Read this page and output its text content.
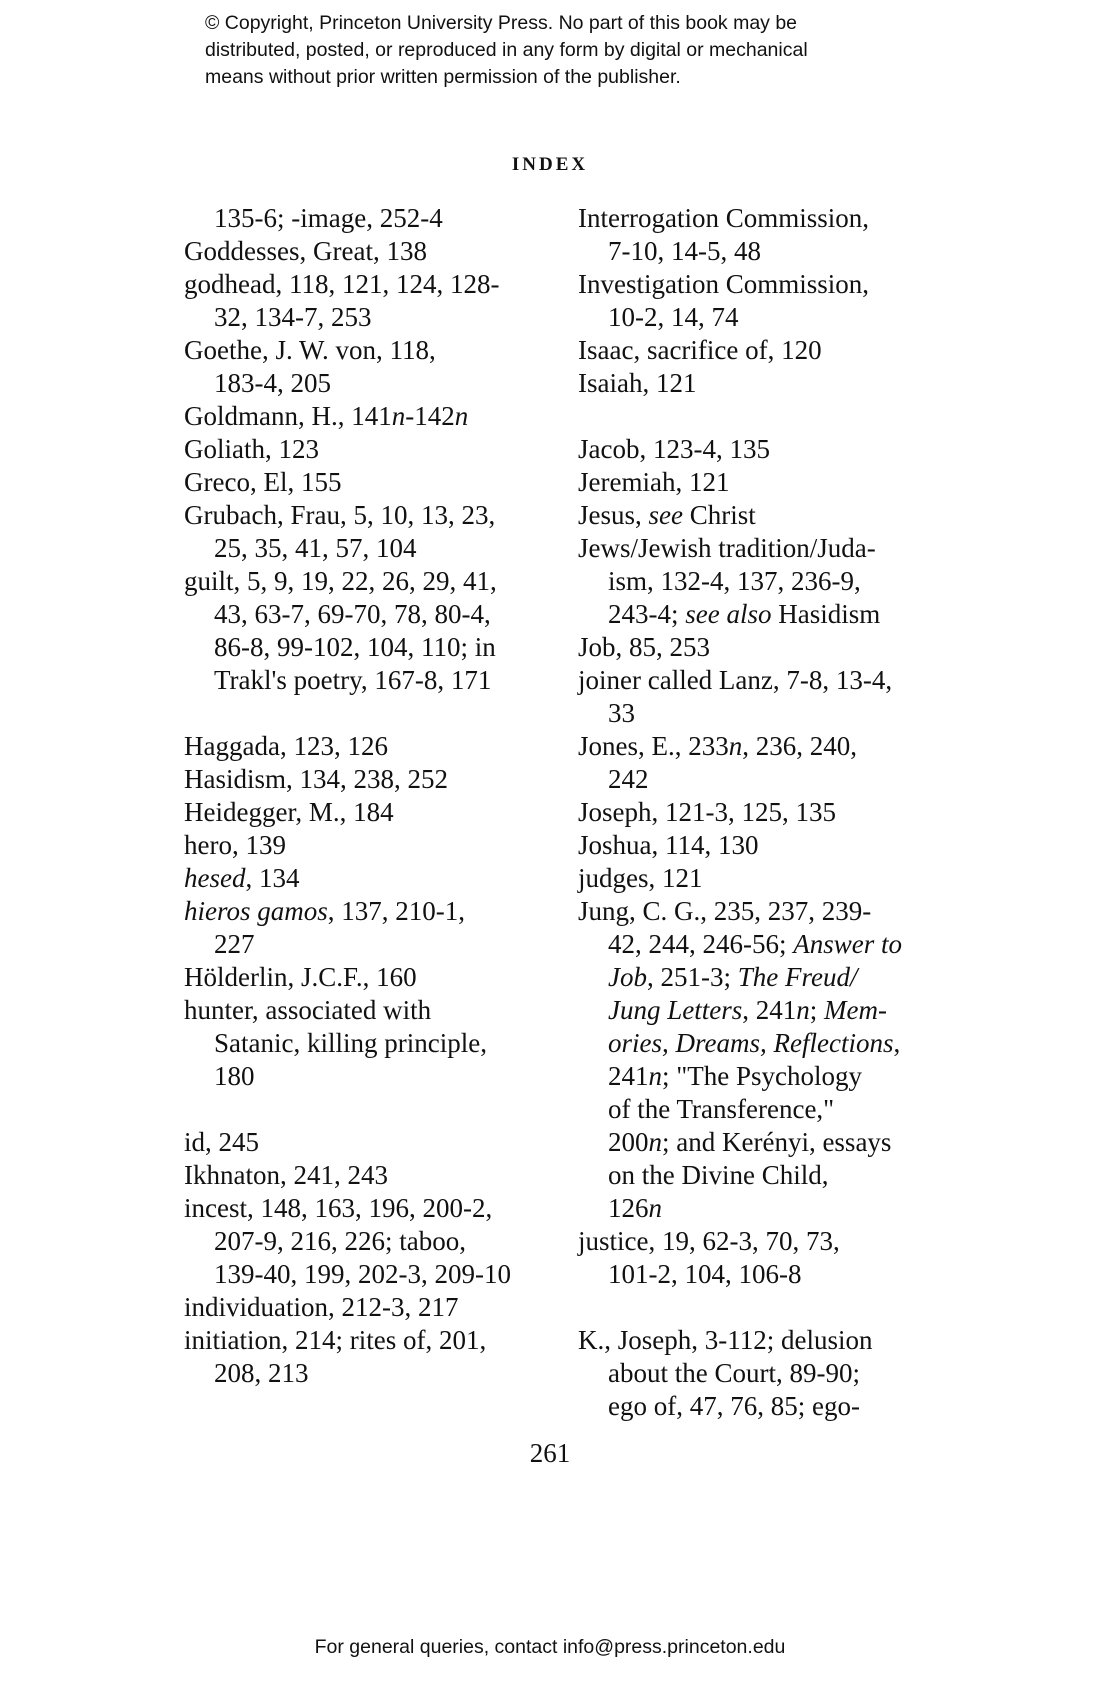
© Copyright, Princeton University Press. No part of this book may be
distributed, posted, or reproduced in any form by digital or mechanical
means without prior written permission of the publisher.
INDEX
135-6; -image, 252-4
Goddesses, Great, 138
godhead, 118, 121, 124, 128-
32, 134-7, 253
Goethe, J. W. von, 118,
183-4, 205
Goldmann, H., 141n-142n
Goliath, 123
Greco, El, 155
Grubach, Frau, 5, 10, 13, 23,
25, 35, 41, 57, 104
guilt, 5, 9, 19, 22, 26, 29, 41,
43, 63-7, 69-70, 78, 80-4,
86-8, 99-102, 104, 110; in
Trakl's poetry, 167-8, 171
Haggada, 123, 126
Hasidism, 134, 238, 252
Heidegger, M., 184
hero, 139
hesed, 134
hieros gamos, 137, 210-1,
227
Hölderlin, J.C.F., 160
hunter, associated with
Satanic, killing principle,
180
id, 245
Ikhnaton, 241, 243
incest, 148, 163, 196, 200-2,
207-9, 216, 226; taboo,
139-40, 199, 202-3, 209-10
individuation, 212-3, 217
initiation, 214; rites of, 201,
208, 213
Interrogation Commission,
7-10, 14-5, 48
Investigation Commission,
10-2, 14, 74
Isaac, sacrifice of, 120
Isaiah, 121
Jacob, 123-4, 135
Jeremiah, 121
Jesus, see Christ
Jews/Jewish tradition/Juda-
ism, 132-4, 137, 236-9,
243-4; see also Hasidism
Job, 85, 253
joiner called Lanz, 7-8, 13-4,
33
Jones, E., 233n, 236, 240,
242
Joseph, 121-3, 125, 135
Joshua, 114, 130
judges, 121
Jung, C. G., 235, 237, 239-
42, 244, 246-56; Answer to
Job, 251-3; The Freud/
Jung Letters, 241n; Mem-
ories, Dreams, Reflections,
241n; "The Psychology
of the Transference,"
200n; and Kerényi, essays
on the Divine Child,
126n
justice, 19, 62-3, 70, 73,
101-2, 104, 106-8
K., Joseph, 3-112; delusion
about the Court, 89-90;
ego of, 47, 76, 85; ego-
261
For general queries, contact info@press.princeton.edu
